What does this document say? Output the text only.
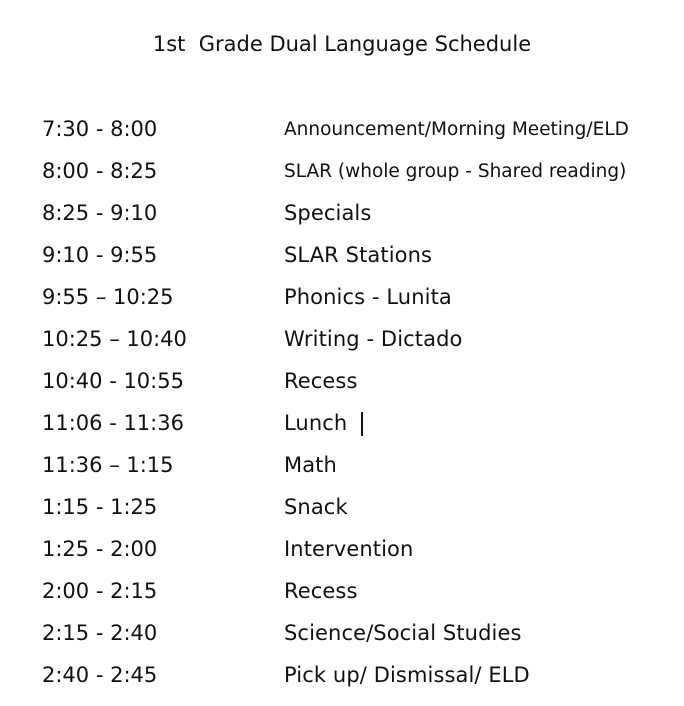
1st  Grade Dual Language Schedule
7:30 - 8:00	Announcement/Morning Meeting/ELD
8:00 - 8:25	SLAR (whole group - Shared reading)
8:25 - 9:10	Specials
9:10 - 9:55	SLAR Stations
9:55 – 10:25	Phonics - Lunita
10:25 – 10:40	Writing - Dictado
10:40 - 10:55	Recess
11:06 - 11:36	Lunch
11:36 – 1:15	Math
1:15 - 1:25	Snack
1:25 - 2:00	Intervention
2:00 - 2:15	Recess
2:15 - 2:40	Science/Social Studies
2:40 - 2:45	Pick up/ Dismissal/ ELD
